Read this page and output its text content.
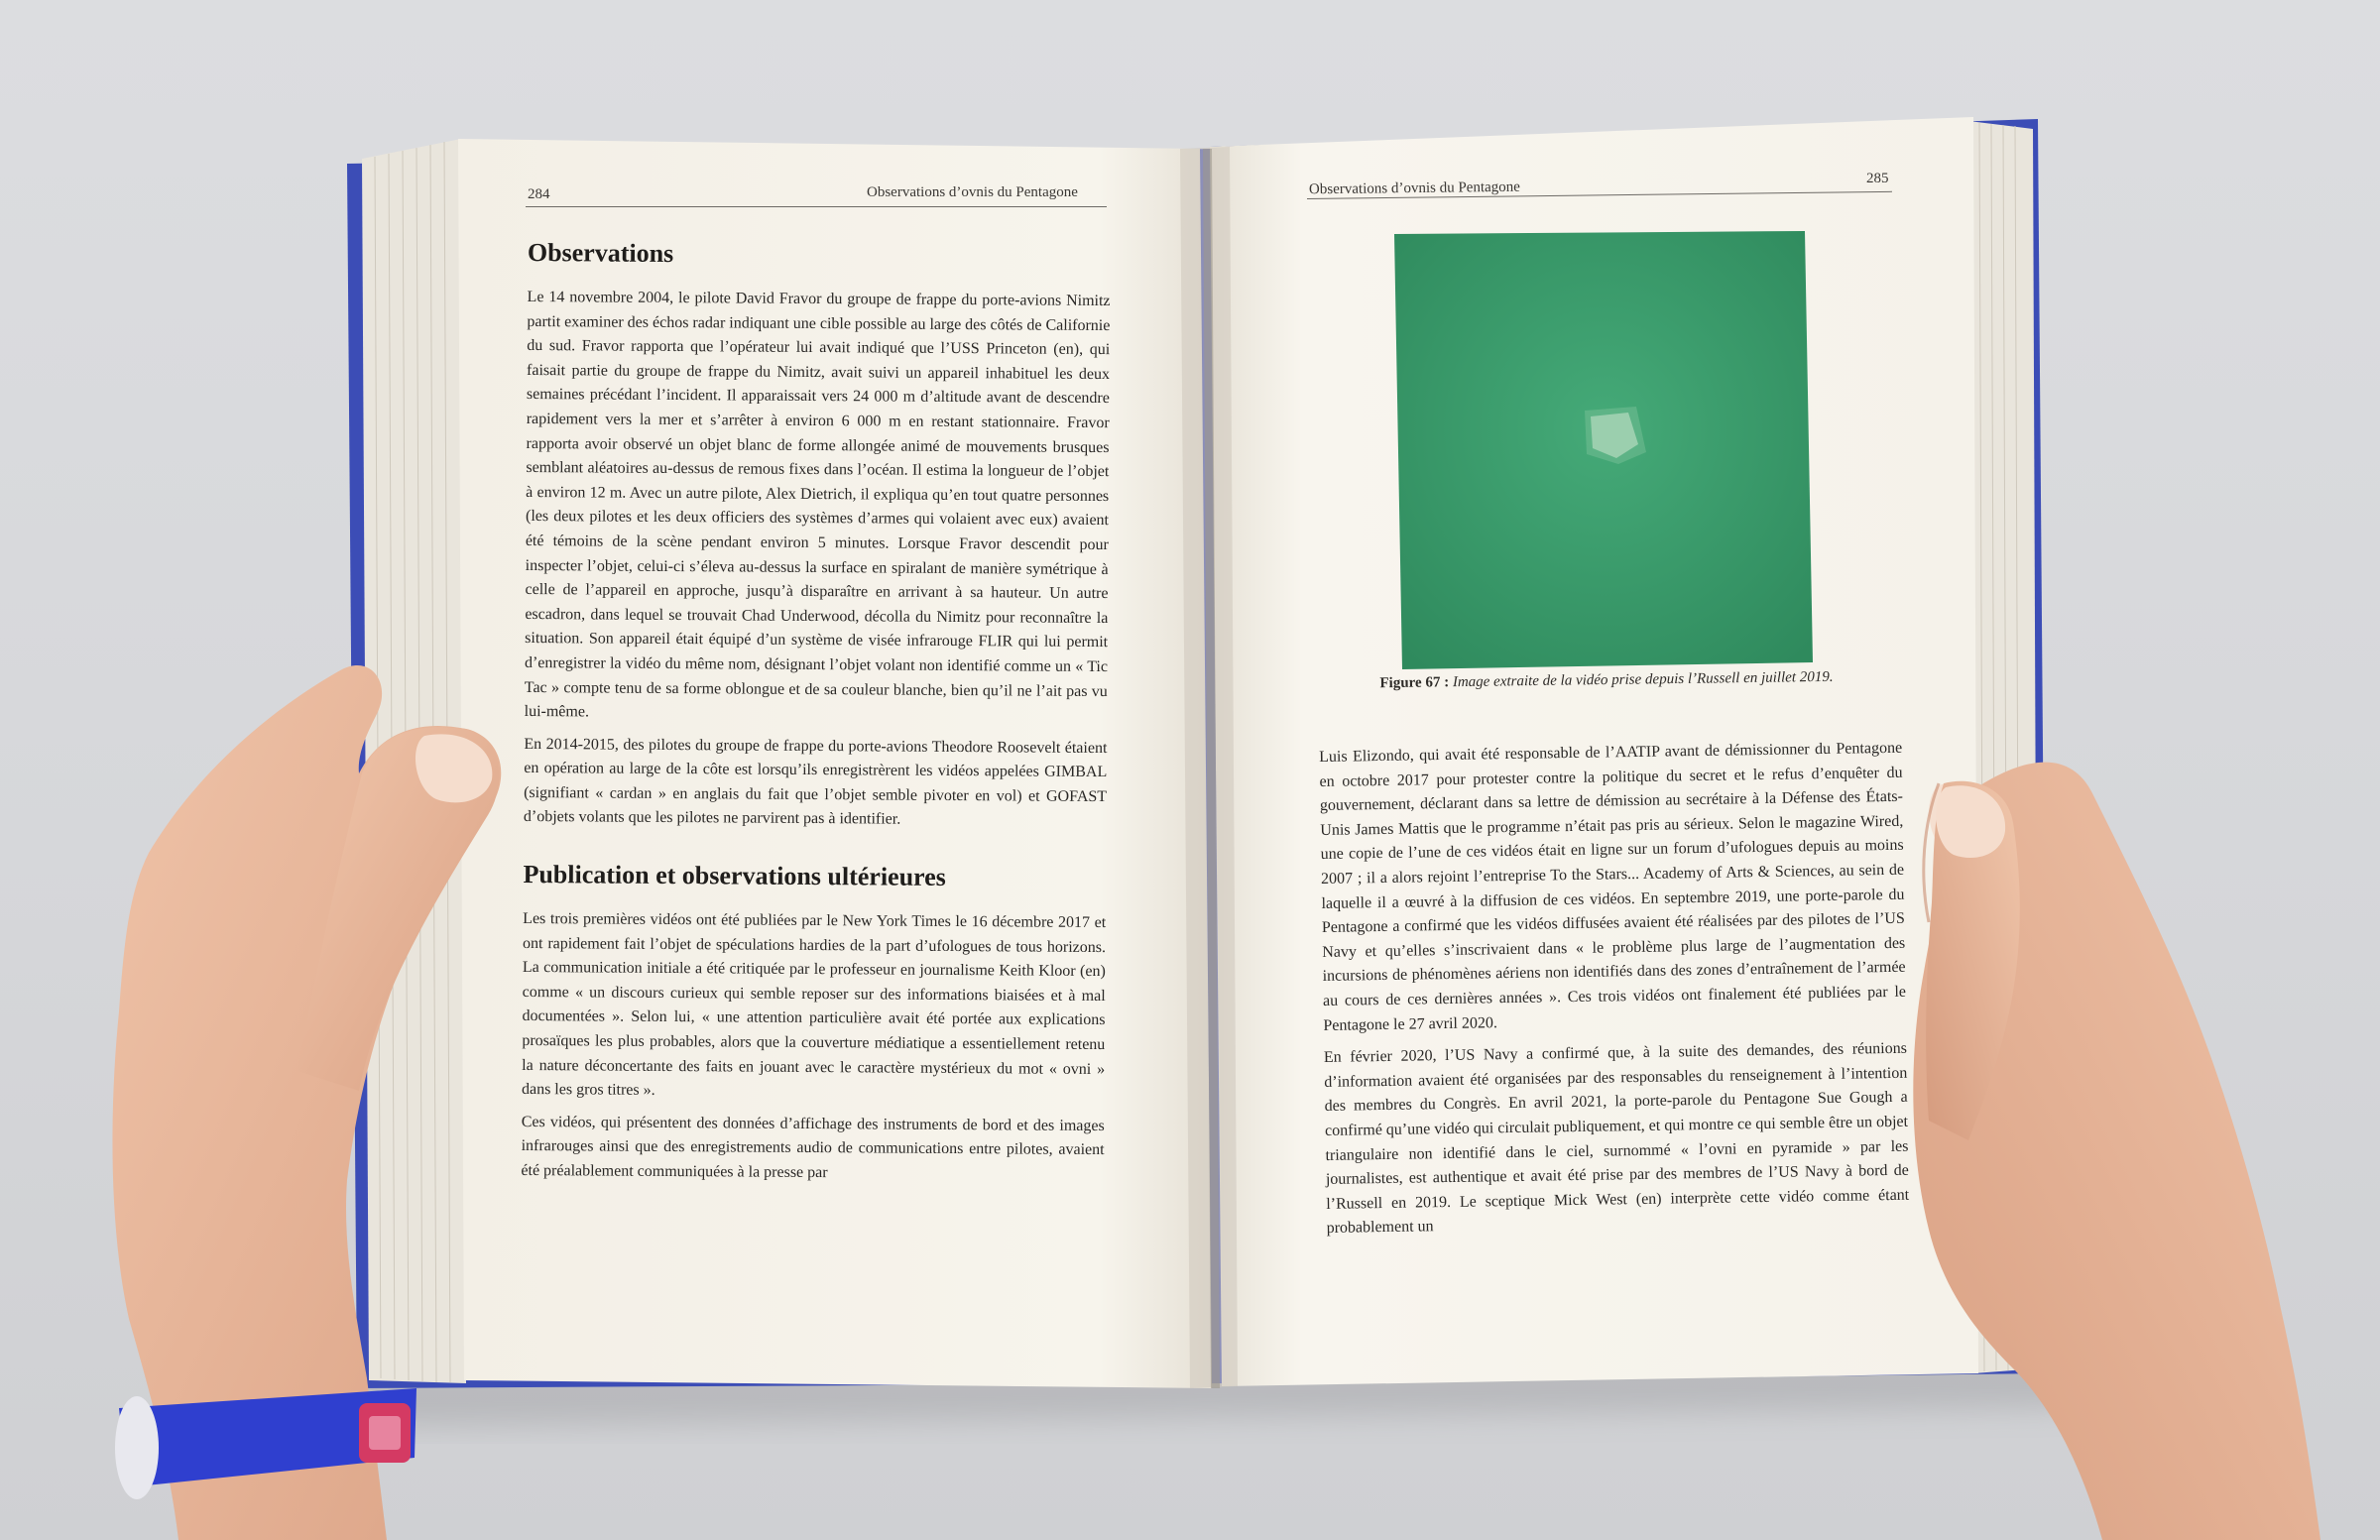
284	Observations d’ovnis du Pentagone
Observations

Le 14 novembre 2004, le pilote David Fravor du groupe de frappe du porte-avions Nimitz partit examiner des échos radar indiquant une cible possible au large des côtés de Californie du sud. Fravor rapporta que l’opérateur lui avait indiqué que l’USS Princeton (en), qui faisait partie du groupe de frappe du Nimitz, avait suivi un appareil inhabituel les deux semaines précédant l’incident. Il apparaissait vers 24 000 m d’altitude avant de descendre rapidement vers la mer et s’arrêter à environ 6 000 m en restant stationnaire. Fravor rapporta avoir observé un objet blanc de forme allongée animé de mouvements brusques semblant aléatoires au-dessus de remous fixes dans l’océan. Il estima la longueur de l’objet à environ 12 m. Avec un autre pilote, Alex Dietrich, il expliqua qu’en tout quatre personnes (les deux pilotes et les deux officiers des systèmes d’armes qui volaient avec eux) avaient été témoins de la scène pendant environ 5 minutes. Lorsque Fravor descendit pour inspecter l’objet, celui-ci s’éleva au-dessus la surface en spiralant de manière symétrique à celle de l’appareil en approche, jusqu’à disparaître en arrivant à sa hauteur. Un autre escadron, dans lequel se trouvait Chad Underwood, décolla du Nimitz pour reconnaître la situation. Son appareil était équipé d’un système de visée infrarouge FLIR qui lui permit d’enregistrer la vidéo du même nom, désignant l’objet volant non identifié comme un « Tic Tac » compte tenu de sa forme oblongue et de sa couleur blanche, bien qu’il ne l’ait pas vu lui-même.

En 2014-2015, des pilotes du groupe de frappe du porte-avions Theodore Roosevelt étaient en opération au large de la côte est lorsqu’ils enregistrèrent les vidéos appelées GIMBAL (signifiant « cardan » en anglais du fait que l’objet semble pivoter en vol) et GOFAST d’objets volants que les pilotes ne parvirent pas à identifier.

Publication et observations ultérieures

Les trois premières vidéos ont été publiées par le New York Times le 16 décembre 2017 et ont rapidement fait l’objet de spéculations hardies de la part d’ufologues de tous horizons. La communication initiale a été critiquée par le professeur en journalisme Keith Kloor (en) comme « un discours curieux qui semble reposer sur des informations biaisées et à mal documentées ». Selon lui, « une attention particulière avait été portée aux explications prosaïques les plus probables, alors que la couverture médiatique a essentiellement retenu la nature déconcertante des faits en jouant avec le caractère mystérieux du mot « ovni » dans les gros titres ».

Ces vidéos, qui présentent des données d’affichage des instruments de bord et des images infrarouges ainsi que des enregistrements audio de communications entre pilotes, avaient été préalablement communiquées à la presse par

Observations d’ovnis du Pentagone
285
Figure 67 : Image extraite de la vidéo prise depuis l’Russell en juillet 2019.

Luis Elizondo, qui avait été responsable de l’AATIP avant de démissionner du Pentagone en octobre 2017 pour protester contre la politique du secret et le refus d’enquêter du gouvernement, déclarant dans sa lettre de démission au secrétaire à la Défense des États-Unis James Mattis que le programme n’était pas pris au sérieux. Selon le magazine Wired, une copie de l’une de ces vidéos était en ligne sur un forum d’ufologues depuis au moins 2007 ; il a alors rejoint l’entreprise To the Stars... Academy of Arts & Sciences, au sein de laquelle il a œuvré à la diffusion de ces vidéos. En septembre 2019, une porte-parole du Pentagone a confirmé que les vidéos diffusées avaient été réalisées par des pilotes de l’US Navy et qu’elles s’inscrivaient dans « le problème plus large de l’augmentation des incursions de phénomènes aériens non identifiés dans des zones d’entraînement de l’armée au cours de ces dernières années ». Ces trois vidéos ont finalement été publiées par le Pentagone le 27 avril 2020.

En février 2020, l’US Navy a confirmé que, à la suite des demandes, des réunions d’information avaient été organisées par des responsables du renseignement à l’intention des membres du Congrès. En avril 2021, la porte-parole du Pentagone Sue Gough a confirmé qu’une vidéo qui circulait publiquement, et qui montre ce qui semble être un objet triangulaire non identifié dans le ciel, surnommé « l’ovni en pyramide » par les journalistes, est authentique et avait été prise par des membres de l’US Navy à bord de l’Russell en 2019. Le sceptique Mick West (en) interprète cette vidéo comme étant probablement un
